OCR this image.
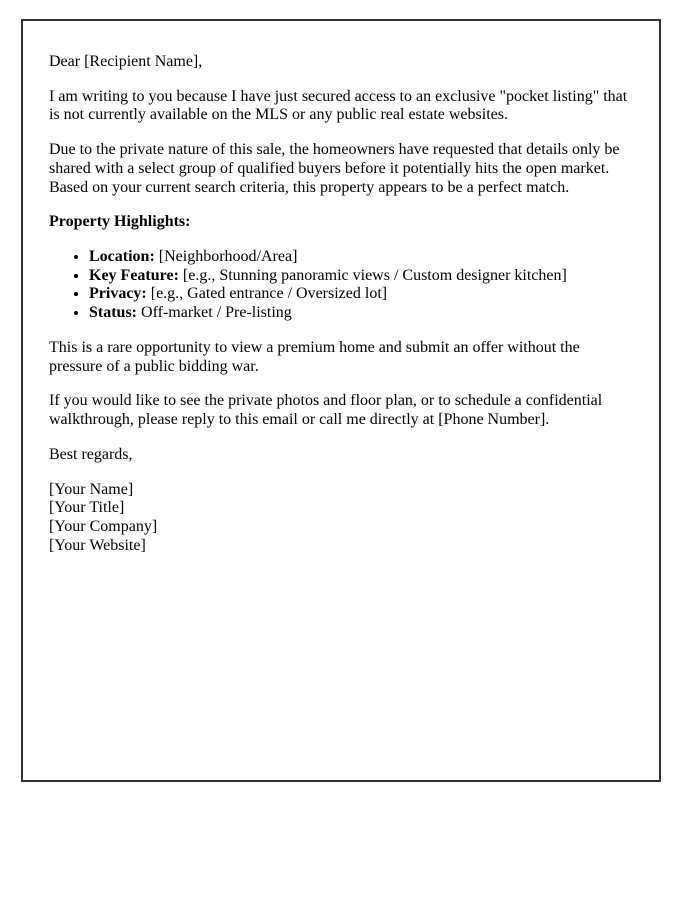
Dear [Recipient Name],

I am writing to you because I have just secured access to an exclusive "pocket listing" that is not currently available on the MLS or any public real estate websites.

Due to the private nature of this sale, the homeowners have requested that details only be shared with a select group of qualified buyers before it potentially hits the open market. Based on your current search criteria, this property appears to be a perfect match.

Property Highlights:

• Location: [Neighborhood/Area]
• Key Feature: [e.g., Stunning panoramic views / Custom designer kitchen]
• Privacy: [e.g., Gated entrance / Oversized lot]
• Status: Off-market / Pre-listing

This is a rare opportunity to view a premium home and submit an offer without the pressure of a public bidding war.

If you would like to see the private photos and floor plan, or to schedule a confidential walkthrough, please reply to this email or call me directly at [Phone Number].

Best regards,

[Your Name]
[Your Title]
[Your Company]
[Your Website]
